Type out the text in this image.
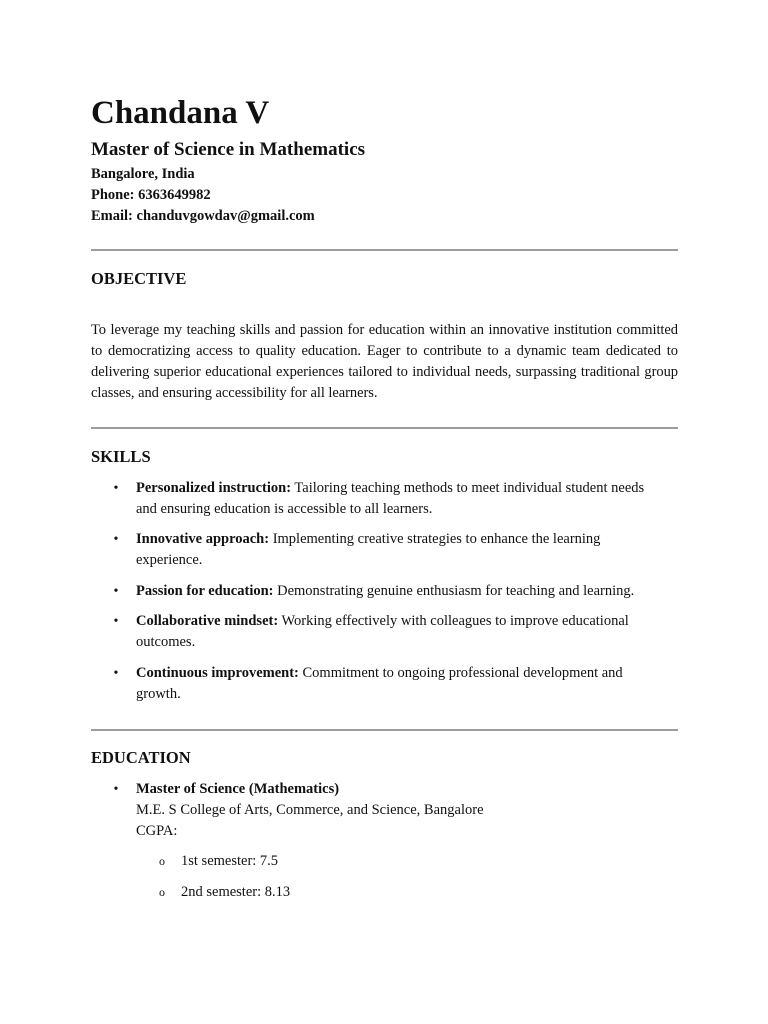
Chandana V
Master of Science in Mathematics

Bangalore, India

Phone: 6363649982

Email: chanduvgowdav@gmail.com

OBJECTIVE

To leverage my teaching skills and passion for education within an innovative institution committed to democratizing access to quality education. Eager to contribute to a dynamic team dedicated to delivering superior educational experiences tailored to individual needs, surpassing traditional group classes, and ensuring accessibility for all learners.

SKILLS
• Personalized instruction: Tailoring teaching methods to meet individual student needs and ensuring education is accessible to all learners.
• Innovative approach: Implementing creative strategies to enhance the learning experience.
• Passion for education: Demonstrating genuine enthusiasm for teaching and learning.
• Collaborative mindset: Working effectively with colleagues to improve educational outcomes.
• Continuous improvement: Commitment to ongoing professional development and growth.
EDUCATION
• Master of Science (Mathematics)
M.E. S College of Arts, Commerce, and Science, Bangalore
CGPA:
o 1st semester: 7.5
o 2nd semester: 8.13
